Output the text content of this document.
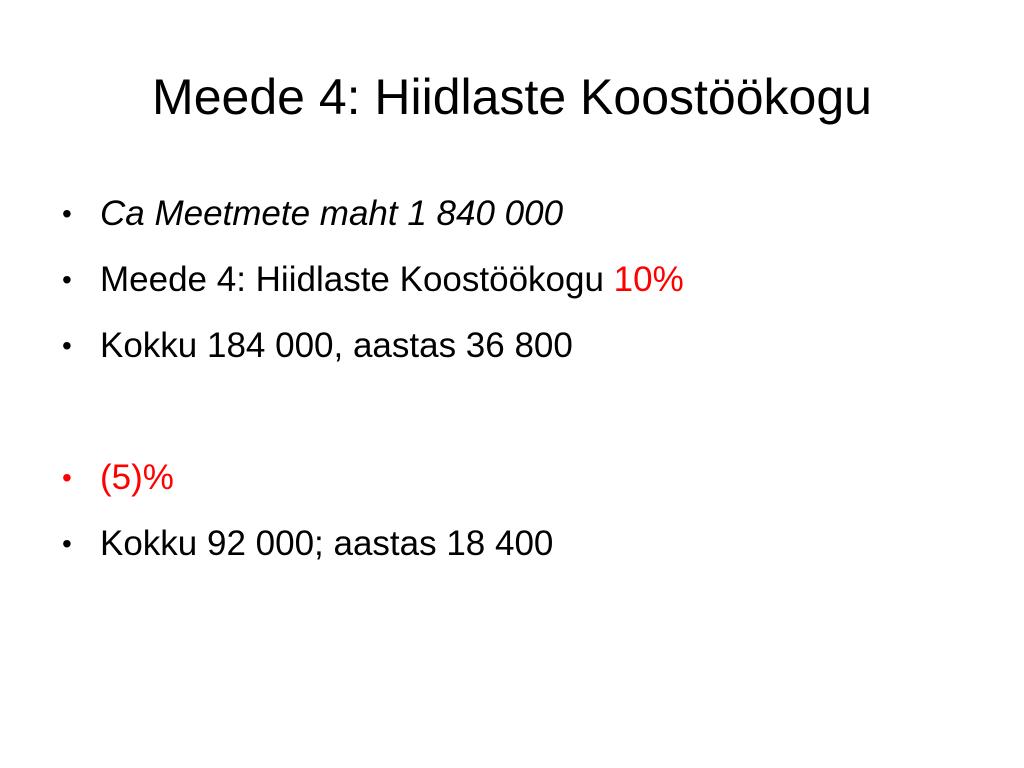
Meede 4: Hiidlaste Koostöökogu
• Ca Meetmete maht 1 840 000
• Meede 4: Hiidlaste Koostöökogu 10%
• Kokku 184 000, aastas 36 800
• (5)%
• Kokku 92 000; aastas 18 400
